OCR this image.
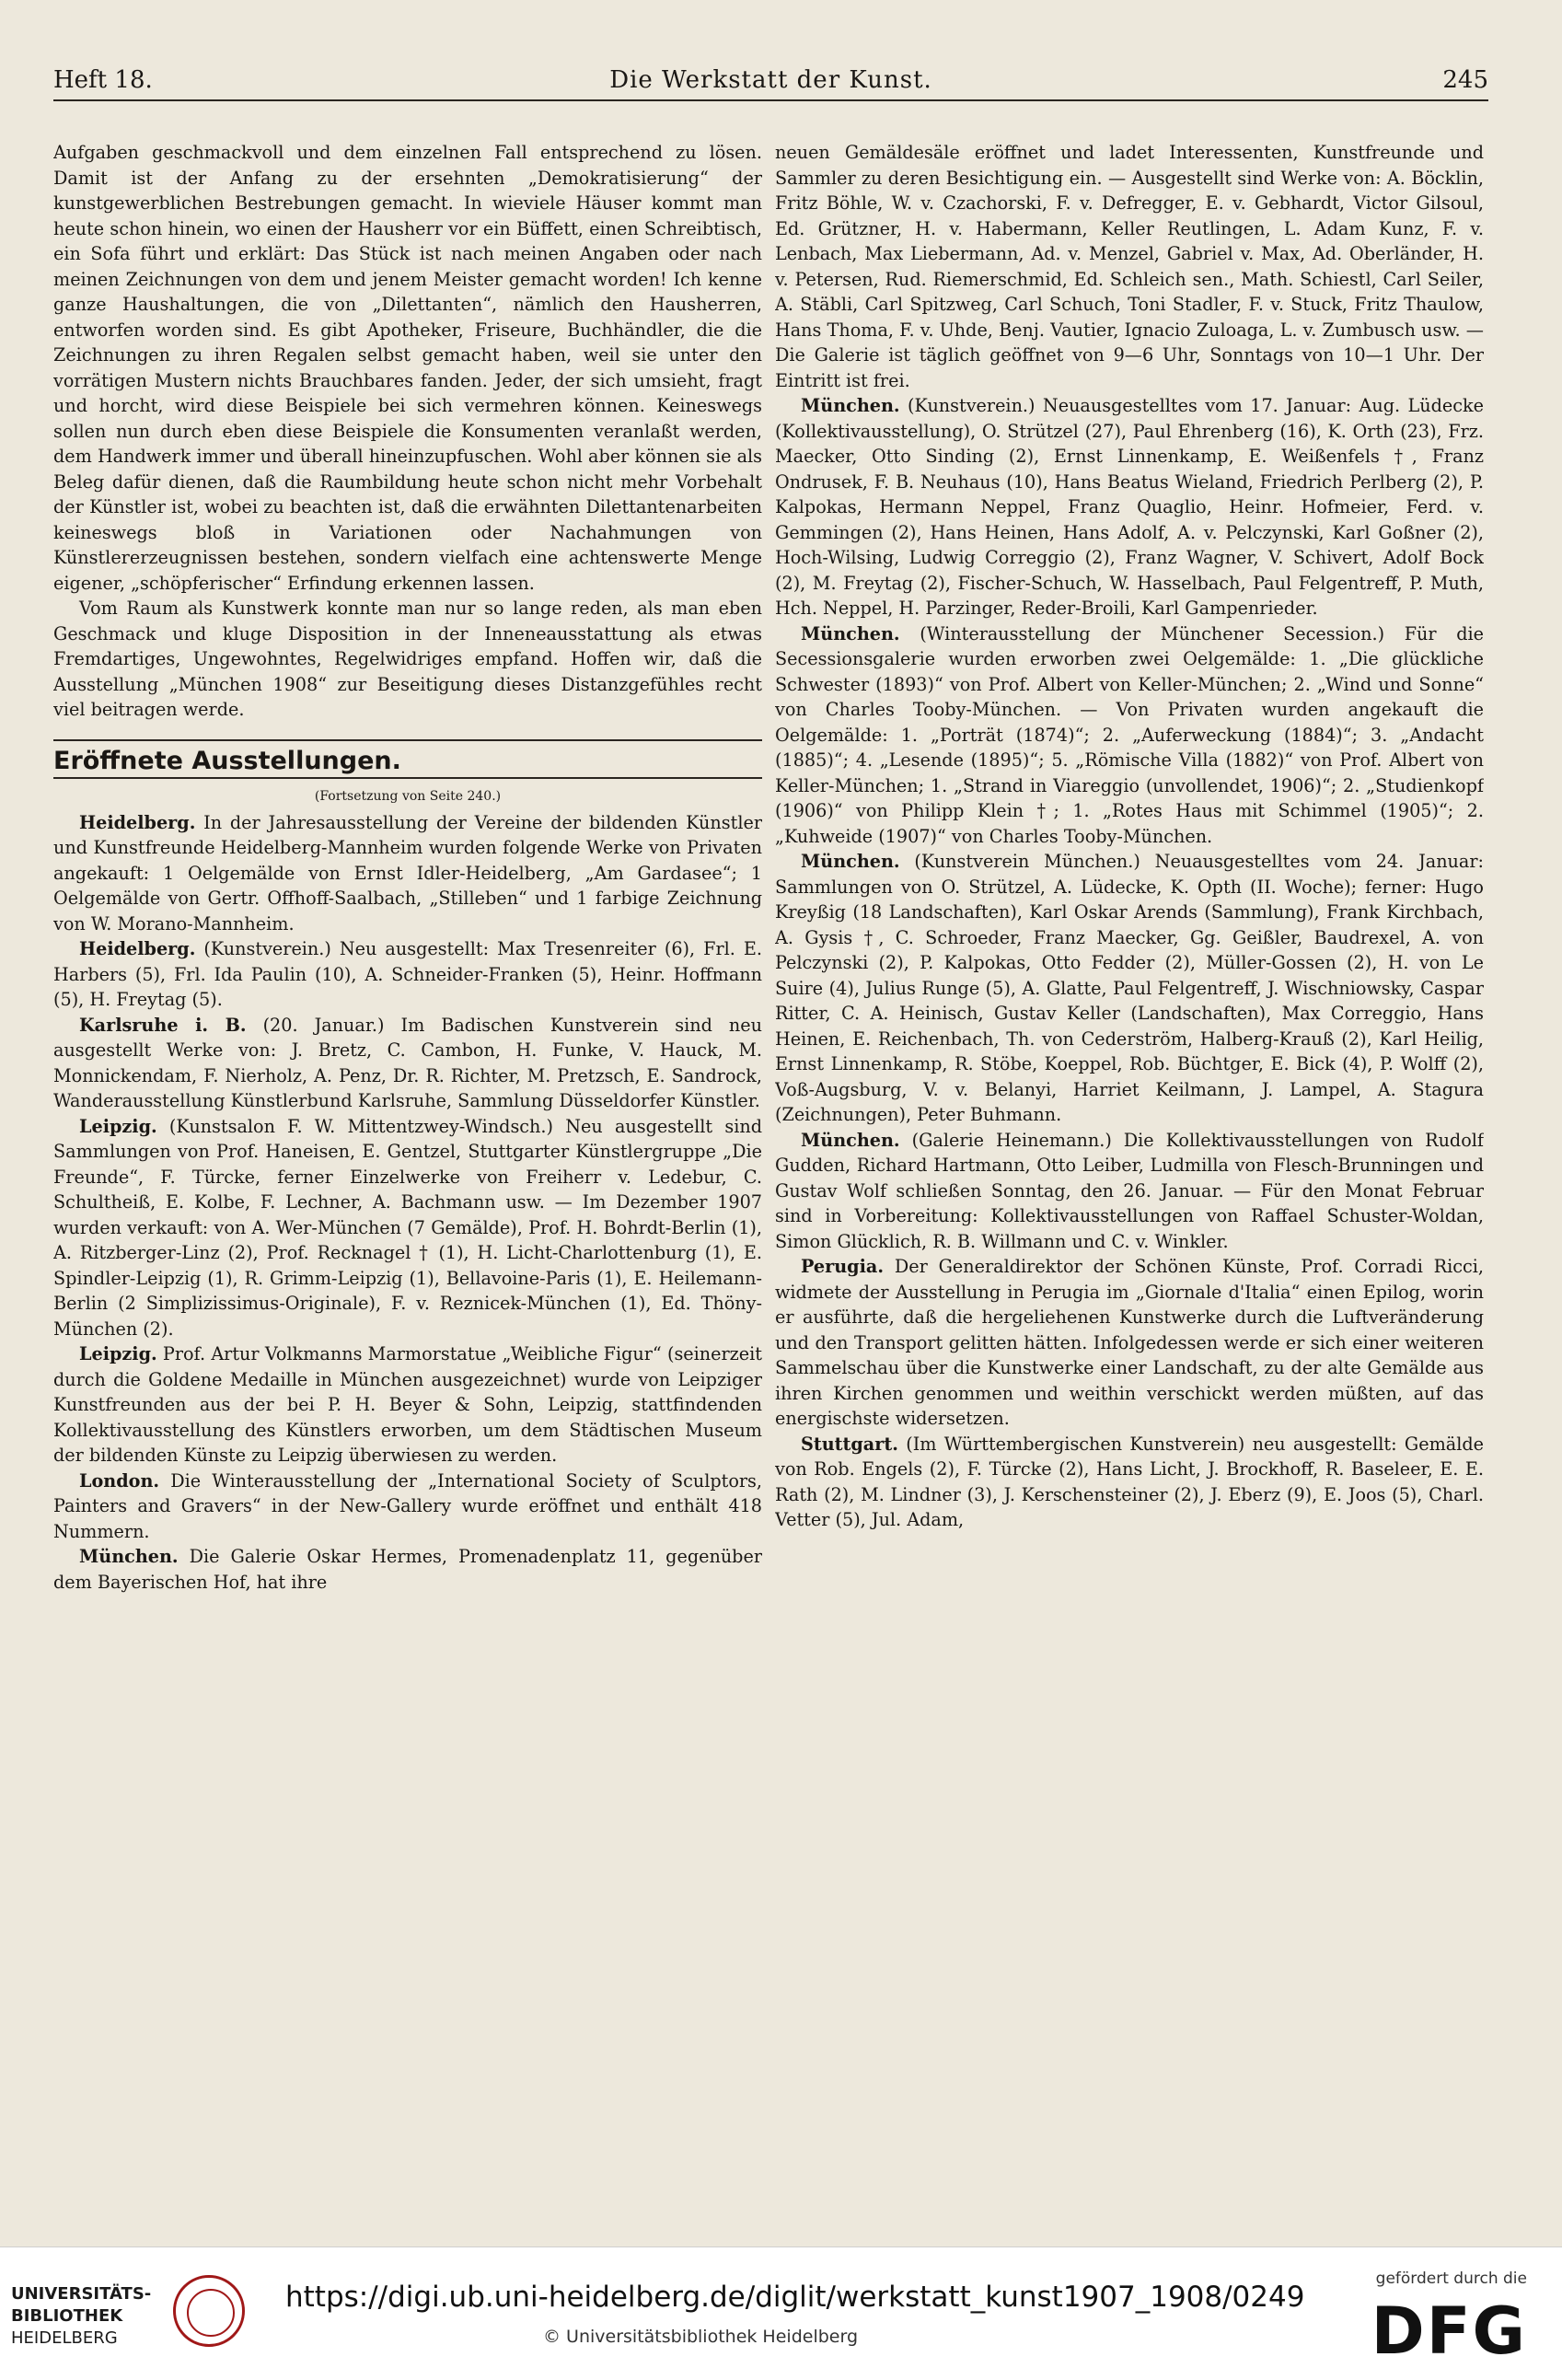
Heft 18.	Die Werkstatt der Kunst.	245

Aufgaben geschmackvoll und dem einzelnen Fall entsprechend zu lösen. Damit ist der Anfang zu der ersehnten „Demokratisierung“ der kunstgewerblichen Bestrebungen gemacht. In wieviele Häuser kommt man heute schon hinein, wo einen der Hausherr vor ein Büffett, einen Schreibtisch, ein Sofa führt und erklärt: Das Stück ist nach meinen Angaben oder nach meinen Zeichnungen von dem und jenem Meister gemacht worden! Ich kenne ganze Haushaltungen, die von „Dilettanten“, nämlich den Hausherren, entworfen worden sind. Es gibt Apotheker, Friseure, Buchhändler, die die Zeichnungen zu ihren Regalen selbst gemacht haben, weil sie unter den vorrätigen Mustern nichts Brauchbares fanden. Jeder, der sich umsieht, fragt und horcht, wird diese Beispiele bei sich vermehren können. Keineswegs sollen nun durch eben diese Beispiele die Konsumenten veranlaßt werden, dem Handwerk immer und überall hineinzupfuschen. Wohl aber können sie als Beleg dafür dienen, daß die Raumbildung heute schon nicht mehr Vorbehalt der Künstler ist, wobei zu beachten ist, daß die erwähnten Dilettantenarbeiten keineswegs bloß in Variationen oder Nachahmungen von Künstlererzeugnissen bestehen, sondern vielfach eine achtenswerte Menge eigener, „schöpferischer“ Erfindung erkennen lassen.

Vom Raum als Kunstwerk konnte man nur so lange reden, als man eben Geschmack und kluge Disposition in der Inneneausstattung als etwas Fremdartiges, Ungewohntes, Regelwidriges empfand. Hoffen wir, daß die Ausstellung „München 1908“ zur Beseitigung dieses Distanzgefühles recht viel beitragen werde.

Eröffnete Ausstellungen.

(Fortsetzung von Seite 240.)

Heidelberg. In der Jahresausstellung der Vereine der bildenden Künstler und Kunstfreunde Heidelberg-Mannheim wurden folgende Werke von Privaten angekauft: 1 Oelgemälde von Ernst Idler-Heidelberg, „Am Gardasee“; 1 Oelgemälde von Gertr. Offhoff-Saalbach, „Stilleben“ und 1 farbige Zeichnung von W. Morano-Mannheim.

Heidelberg. (Kunstverein.) Neu ausgestellt: Max Tresenreiter (6), Frl. E. Harbers (5), Frl. Ida Paulin (10), A. Schneider-Franken (5), Heinr. Hoffmann (5), H. Freytag (5).

Karlsruhe i. B. (20. Januar.) Im Badischen Kunstverein sind neu ausgestellt Werke von: J. Bretz, C. Cambon, H. Funke, V. Hauck, M. Monnickendam, F. Nierholz, A. Penz, Dr. R. Richter, M. Pretzsch, E. Sandrock, Wanderausstellung Künstlerbund Karlsruhe, Sammlung Düsseldorfer Künstler.

Leipzig. (Kunstsalon F. W. Mittentzwey-Windsch.) Neu ausgestellt sind Sammlungen von Prof. Haneisen, E. Gentzel, Stuttgarter Künstlergruppe „Die Freunde“, F. Türcke, ferner Einzelwerke von Freiherr v. Ledebur, C. Schultheiß, E. Kolbe, F. Lechner, A. Bachmann usw. — Im Dezember 1907 wurden verkauft: von A. Wer-München (7 Gemälde), Prof. H. Bohrdt-Berlin (1), A. Ritzberger-Linz (2), Prof. Recknagel † (1), H. Licht-Charlottenburg (1), E. Spindler-Leipzig (1), R. Grimm-Leipzig (1), Bellavoine-Paris (1), E. Heilemann-Berlin (2 Simplizissimus-Originale), F. v. Reznicek-München (1), Ed. Thöny-München (2).

Leipzig. Prof. Artur Volkmanns Marmorstatue „Weibliche Figur“ (seinerzeit durch die Goldene Medaille in München ausgezeichnet) wurde von Leipziger Kunstfreunden aus der bei P. H. Beyer & Sohn, Leipzig, stattfindenden Kollektivausstellung des Künstlers erworben, um dem Städtischen Museum der bildenden Künste zu Leipzig überwiesen zu werden.

London. Die Winterausstellung der „International Society of Sculptors, Painters and Gravers“ in der New-Gallery wurde eröffnet und enthält 418 Nummern.

München. Die Galerie Oskar Hermes, Promenadenplatz 11, gegenüber dem Bayerischen Hof, hat ihre

neuen Gemäldesäle eröffnet und ladet Interessenten, Kunstfreunde und Sammler zu deren Besichtigung ein. — Ausgestellt sind Werke von: A. Böcklin, Fritz Böhle, W. v. Czachorski, F. v. Defregger, E. v. Gebhardt, Victor Gilsoul, Ed. Grützner, H. v. Habermann, Keller Reutlingen, L. Adam Kunz, F. v. Lenbach, Max Liebermann, Ad. v. Menzel, Gabriel v. Max, Ad. Oberländer, H. v. Petersen, Rud. Riemerschmid, Ed. Schleich sen., Math. Schiestl, Carl Seiler, A. Stäbli, Carl Spitzweg, Carl Schuch, Toni Stadler, F. v. Stuck, Fritz Thaulow, Hans Thoma, F. v. Uhde, Benj. Vautier, Ignacio Zuloaga, L. v. Zumbusch usw. — Die Galerie ist täglich geöffnet von 9—6 Uhr, Sonntags von 10—1 Uhr. Der Eintritt ist frei.

München. (Kunstverein.) Neuausgestelltes vom 17. Januar: Aug. Lüdecke (Kollektivausstellung), O. Strützel (27), Paul Ehrenberg (16), K. Orth (23), Frz. Maecker, Otto Sinding (2), Ernst Linnenkamp, E. Weißenfels †, Franz Ondrusek, F. B. Neuhaus (10), Hans Beatus Wieland, Friedrich Perlberg (2), P. Kalpokas, Hermann Neppel, Franz Quaglio, Heinr. Hofmeier, Ferd. v. Gemmingen (2), Hans Heinen, Hans Adolf, A. v. Pelczynski, Karl Goßner (2), Hoch-Wilsing, Ludwig Correggio (2), Franz Wagner, V. Schivert, Adolf Bock (2), M. Freytag (2), Fischer-Schuch, W. Hasselbach, Paul Felgentreff, P. Muth, Hch. Neppel, H. Parzinger, Reder-Broili, Karl Gampenrieder.

München. (Winterausstellung der Münchener Secession.) Für die Secessionsgalerie wurden erworben zwei Oelgemälde: 1. „Die glückliche Schwester (1893)“ von Prof. Albert von Keller-München; 2. „Wind und Sonne“ von Charles Tooby-München. — Von Privaten wurden angekauft die Oelgemälde: 1. „Porträt (1874)“; 2. „Auferweckung (1884)“; 3. „Andacht (1885)“; 4. „Lesende (1895)“; 5. „Römische Villa (1882)“ von Prof. Albert von Keller-München; 1. „Strand in Viareggio (unvollendet, 1906)“; 2. „Studienkopf (1906)“ von Philipp Klein †; 1. „Rotes Haus mit Schimmel (1905)“; 2. „Kuhweide (1907)“ von Charles Tooby-München.

München. (Kunstverein München.) Neuausgestelltes vom 24. Januar: Sammlungen von O. Strützel, A. Lüdecke, K. Opth (II. Woche); ferner: Hugo Kreyßig (18 Landschaften), Karl Oskar Arends (Sammlung), Frank Kirchbach, A. Gysis †, C. Schroeder, Franz Maecker, Gg. Geißler, Baudrexel, A. von Pelczynski (2), P. Kalpokas, Otto Fedder (2), Müller-Gossen (2), H. von Le Suire (4), Julius Runge (5), A. Glatte, Paul Felgentreff, J. Wischniowsky, Caspar Ritter, C. A. Heinisch, Gustav Keller (Landschaften), Max Correggio, Hans Heinen, E. Reichenbach, Th. von Cederström, Halberg-Krauß (2), Karl Heilig, Ernst Linnenkamp, R. Stöbe, Koeppel, Rob. Büchtger, E. Bick (4), P. Wolff (2), Voß-Augsburg, V. v. Belanyi, Harriet Keilmann, J. Lampel, A. Stagura (Zeichnungen), Peter Buhmann.

München. (Galerie Heinemann.) Die Kollektivausstellungen von Rudolf Gudden, Richard Hartmann, Otto Leiber, Ludmilla von Flesch-Brunningen und Gustav Wolf schließen Sonntag, den 26. Januar. — Für den Monat Februar sind in Vorbereitung: Kollektivausstellungen von Raffael Schuster-Woldan, Simon Glücklich, R. B. Willmann und C. v. Winkler.

Perugia. Der Generaldirektor der Schönen Künste, Prof. Corradi Ricci, widmete der Ausstellung in Perugia im „Giornale d'Italia“ einen Epilog, worin er ausführte, daß die hergeliehenen Kunstwerke durch die Luftveränderung und den Transport gelitten hätten. Infolgedessen werde er sich einer weiteren Sammelschau über die Kunstwerke einer Landschaft, zu der alte Gemälde aus ihren Kirchen genommen und weithin verschickt werden müßten, auf das energischste widersetzen.

Stuttgart. (Im Württembergischen Kunstverein) neu ausgestellt: Gemälde von Rob. Engels (2), F. Türcke (2), Hans Licht, J. Brockhoff, R. Baseleer, E. E. Rath (2), M. Lindner (3), J. Kerschensteiner (2), J. Eberz (9), E. Joos (5), Charl. Vetter (5), Jul. Adam,

UNIVERSITÄTS-
BIBLIOTHEK
HEIDELBERG
https://digi.ub.uni-heidelberg.de/diglit/werkstatt_kunst1907_1908/0249
© Universitätsbibliothek Heidelberg
gefördert durch die
DFG
